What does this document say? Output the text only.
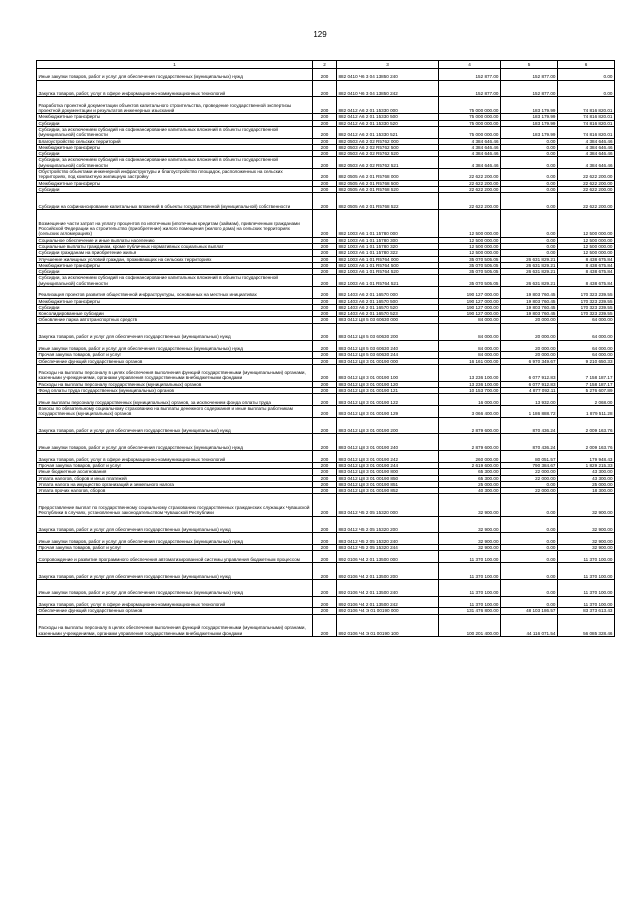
129
1	2	3	4	5	6
Иные закупки товаров, работ и услуг для обеспечения государственных (муниципальных) нужд	200	882 0410 Ч6 3 04 13850 240	152 877.00	152 877.00	0.00
Закупка товаров, работ, услуг в сфере информационно-коммуникационных технологий	200	882 0410 Ч6 3 04 13850 242	152 877.00	152 877.00	0.00
Разработка проектной документации объектов капитального строительства, проведение государственной экспертизы проектной документации и результатов инженерных изысканий	200	882 0412 А6 2 01 15330 000	75 000 000.00	183 179.99	74 816 820.01
Межбюджетные трансферты	200	882 0412 А6 2 01 15330 500	75 000 000.00	183 179.99	74 816 820.01
Субсидии	200	882 0412 А6 2 01 15330 520	75 000 000.00	183 179.99	74 816 820.01
Субсидии, за исключением субсидий на софинансирование капитальных вложений в объекты государственной (муниципальной) собственности	200	882 0412 А6 2 01 15330 521	75 000 000.00	183 179.99	74 816 820.01
Благоустройство сельских территорий	200	882 0503 А6 2 02 R5762 000	4 384 646.46	0.00	4 384 646.46
Межбюджетные трансферты	200	882 0503 А6 2 02 R5762 500	4 384 646.46	0.00	4 384 646.46
Субсидии	200	882 0503 А6 2 02 R5762 520	4 384 646.46	0.00	4 384 646.46
Субсидии, за исключением субсидий на софинансирование капитальных вложений в объекты государственной (муниципальной) собственности	200	882 0503 А6 2 02 R5762 521	4 384 646.46	0.00	4 384 646.46
Обустройство объектами инженерной инфраструктуры и благоустройство площадок, расположенных на сельских территориях, под компактную жилищную застройку	200	882 0505 А6 2 01 R5768 000	22 622 200.00	0.00	22 622 200.00
Межбюджетные трансферты	200	882 0505 А6 2 01 R5768 500	22 622 200.00	0.00	22 622 200.00
Субсидии	200	882 0505 А6 2 01 R5768 520	22 622 200.00	0.00	22 622 200.00
Субсидии на софинансирование капитальных вложений в объекты государственной (муниципальной) собственности	200	882 0505 А6 2 01 R5768 522	22 622 200.00	0.00	22 622 200.00
Возмещение части затрат на уплату процентов по ипотечным (ипотечным кредитам (займам), привлеченным гражданами Российской Федерации на строительство (приобретение) жилого помещения (жилого дома) на сельских территориях (сельских агломерациях)	200	882 1003 А6 1 01 15780 000	12 500 000.00	0.00	12 500 000.00
Социальное обеспечение и иные выплаты населению	200	882 1003 А6 1 01 15780 300	12 500 000.00	0.00	12 500 000.00
Социальные выплаты гражданам, кроме публичных нормативных социальных выплат	200	882 1003 А6 1 01 15780 320	12 500 000.00	0.00	12 500 000.00
Субсидии гражданам на приобретение жилья	200	882 1003 А6 1 01 15780 322	12 500 000.00	0.00	12 500 000.00
Улучшение жилищных условий граждан, проживающих на сельских территориях	200	882 1003 А6 1 01 R5764 000	35 070 505.05	26 631 829.21	8 438 675.84
Межбюджетные трансферты	200	882 1003 А6 1 01 R5764 500	35 070 505.05	26 631 829.21	8 438 675.84
Субсидии	200	882 1003 А6 1 01 R5764 520	35 070 505.05	26 631 829.21	8 438 675.84
Субсидии, за исключением субсидий на софинансирование капитальных вложений в объекты государственной (муниципальной) собственности	200	882 1003 А6 1 01 R5764 521	35 070 505.05	26 631 829.21	8 438 675.84
Реализация проектов развития общественной инфраструктуры, основанных на местных инициативах	200	882 1403 А6 2 01 16570 000	190 127 000.00	19 803 760.45	170 323 239.55
Межбюджетные трансферты	200	882 1403 А6 2 01 16570 500	190 127 000.00	19 803 760.45	170 323 239.55
Субсидии	200	882 1403 А6 2 01 16570 520	190 127 000.00	19 803 760.45	170 323 239.55
Консолидированные субсидии	200	882 1403 А6 2 01 16570 523	190 127 000.00	19 803 760.45	170 323 239.55
Обновление парка автотранспортных средств	200	883 0412 Ц8 5 03 60630 000	84 000.00	20 000.00	64 000.00
Закупка товаров, работ и услуг для обеспечения государственных (муниципальных) нужд	200	883 0412 Ц8 5 03 60630 200	84 000.00	20 000.00	64 000.00
Иные закупки товаров, работ и услуг для обеспечения государственных (муниципальных) нужд	200	883 0412 Ц8 5 03 60630 240	84 000.00	20 000.00	64 000.00
Прочая закупка товаров, работ и услуг	200	883 0412 Ц8 5 03 60630 244	84 000.00	20 000.00	64 000.00
Обеспечение функций государственных органов	200	883 0412 Ц8 3 01 00190 000	16 161 000.00	6 970 349.67	9 210 650.33
Расходы на выплаты персоналу в целях обеспечения выполнения функций государственными (муниципальными) органами, казенными учреждениями, органами управления государственными внебюджетными фондами	200	883 0412 Ц8 3 01 00190 100	13 236 100.00	6 077 912.83	7 158 187.17
Расходы на выплаты персоналу государственных (муниципальных) органов	200	883 0412 Ц8 3 01 00190 120	13 236 100.00	6 077 912.83	7 158 187.17
Фонд оплаты труда государственных (муниципальных) органов	200	883 0412 Ц8 3 01 00190 121	10 153 700.00	4 877 092.11	5 276 607.89
Иные выплаты персоналу государственных (муниципальных) органов, за исключением фонда оплаты труда	200	883 0412 Ц8 3 01 00190 122	16 000.00	13 932.00	2 068.00
Взносы по обязательному социальному страхованию на выплаты денежного содержания и иные выплаты работникам государственных (муниципальных) органов	200	883 0412 Ц8 3 01 00190 129	3 066 400.00	1 186 888.72	1 879 511.28
Закупка товаров, работ и услуг для обеспечения государственных (муниципальных) нужд	200	883 0412 Ц8 3 01 00190 200	2 879 600.00	870 436.24	2 009 163.76
Иные закупки товаров, работ и услуг для обеспечения государственных (муниципальных) нужд	200	883 0412 Ц8 3 01 00190 240	2 879 600.00	870 436.24	2 009 163.76
Закупка товаров, работ, услуг в сфере информационно-коммуникационных технологий	200	883 0412 Ц8 3 01 00190 242	260 000.00	80 051.57	179 948.43
Прочая закупка товаров, работ и услуг	200	883 0412 Ц8 3 01 00190 244	2 619 600.00	790 384.67	1 829 215.33
Иные бюджетные ассигнования	200	883 0412 Ц8 3 01 00190 800	65 300.00	22 000.00	43 300.00
Уплата налогов, сборов и иных платежей	200	883 0412 Ц8 3 01 00190 850	65 300.00	22 000.00	43 300.00
Уплата налога на имущество организаций и земельного налога	200	883 0412 Ц8 3 01 00190 851	25 000.00	0.00	25 000.00
Уплата прочих налогов, сборов	200	883 0412 Ц8 3 01 00190 852	40 300.00	22 000.00	18 300.00
Предоставление выплат по государственному социальному страхованию государственных гражданских служащих Чувашской Республики в случаях, установленных законодательством Чувашской Республики	200	883 0412 Ч5 2 05 15320 000	32 900.00	0.00	32 900.00
Закупка товаров, работ и услуг для обеспечения государственных (муниципальных) нужд	200	883 0412 Ч5 2 05 15320 200	32 900.00	0.00	32 900.00
Иные закупки товаров, работ и услуг для обеспечения государственных (муниципальных) нужд	200	883 0412 Ч5 2 05 15320 240	32 900.00	0.00	32 900.00
Прочая закупка товаров, работ и услуг	200	883 0412 Ч5 2 05 15320 244	32 900.00	0.00	32 900.00
Сопровождение и развитие программного обеспечения автоматизированной системы управления бюджетным процессом	200	892 0106 Ч4 2 01 13500 000	11 370 100.00	0.00	11 370 100.00
Закупка товаров, работ и услуг для обеспечения государственных (муниципальных) нужд	200	892 0106 Ч4 2 01 13500 200	11 370 100.00	0.00	11 370 100.00
Иные закупки товаров, работ и услуг для обеспечения государственных (муниципальных) нужд	200	892 0106 Ч4 2 01 13500 240	11 370 100.00	0.00	11 370 100.00
Закупка товаров, работ, услуг в сфере информационно-коммуникационных технологий	200	892 0106 Ч4 2 01 13500 242	11 370 100.00	0.00	11 370 100.00
Обеспечение функций государственных органов	200	892 0106 Ч4 Э 01 00190 000	131 476 800.00	48 103 186.57	83 373 613.43
Расходы на выплаты персоналу в целях обеспечения выполнения функций государственными (муниципальными) органами, казенными учреждениями, органами управления государственными внебюджетными фондами	200	892 0106 Ч4 Э 01 00190 100	100 201 400.00	44 116 071.54	56 085 328.46
